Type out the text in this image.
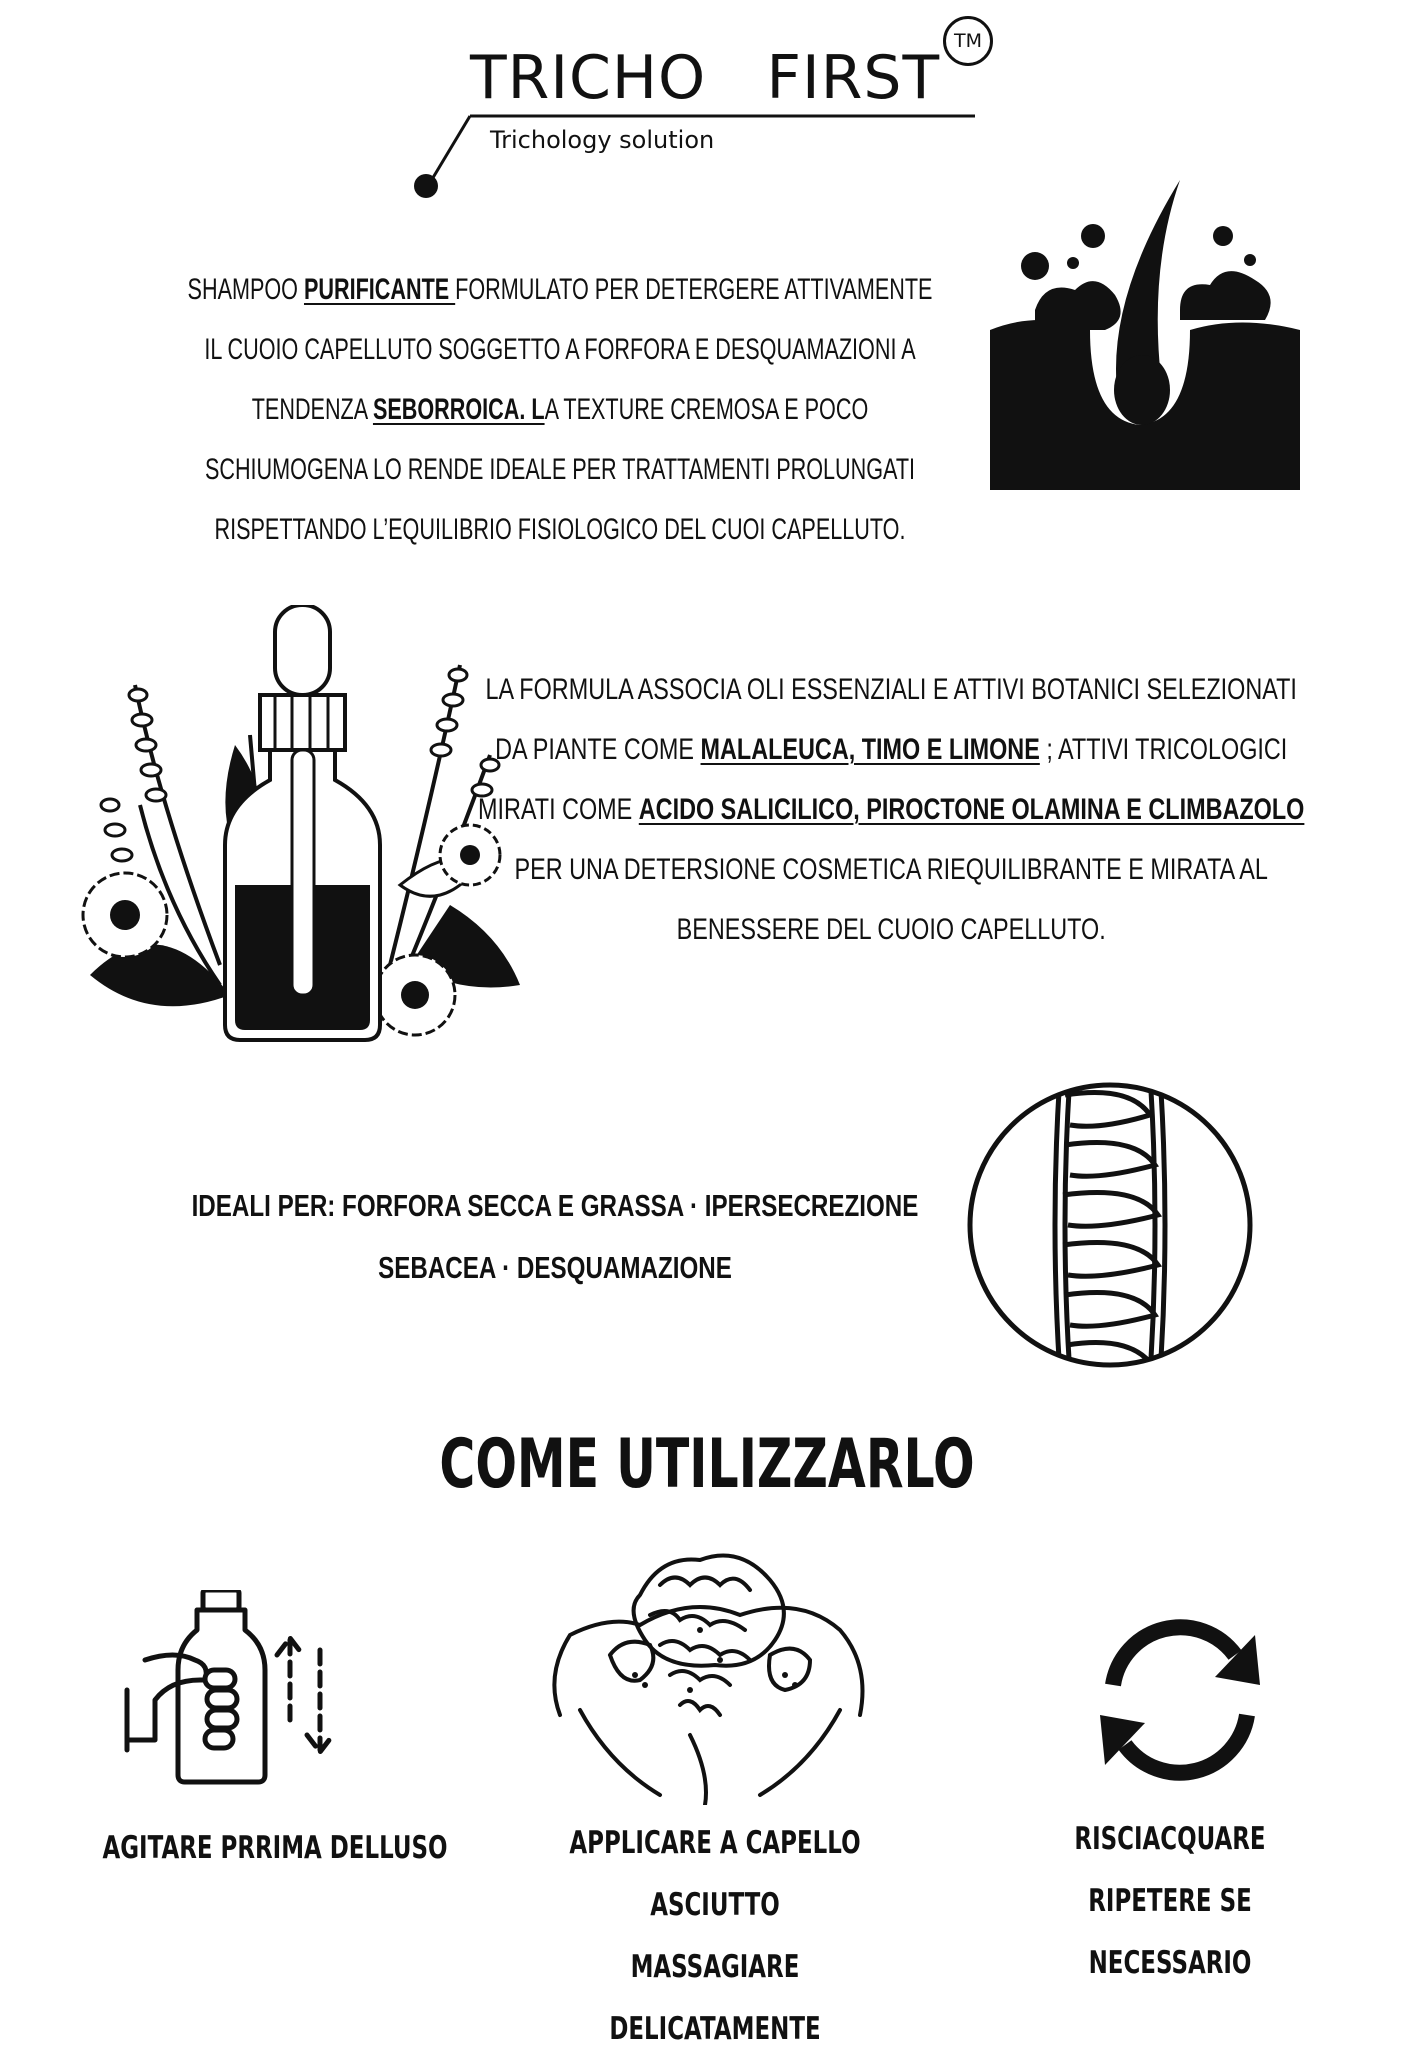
TM
TRICHO   FIRST
Trichology solution
SHAMPOO PURIFICANTE FORMULATO PER DETERGERE ATTIVAMENTE IL CUOIO CAPELLUTO SOGGETTO A FORFORA E DESQUAMAZIONI A TENDENZA SEBORROICA. LA TEXTURE CREMOSA E POCO SCHIUMOGENA LO RENDE IDEALE PER TRATTAMENTI PROLUNGATI RISPETTANDO L’EQUILIBRIO FISIOLOGICO DEL CUOI CAPELLUTO.
LA FORMULA ASSOCIA OLI ESSENZIALI E ATTIVI BOTANICI SELEZIONATI DA PIANTE COME MALALEUCA, TIMO E LIMONE ; ATTIVI TRICOLOGICI MIRATI COME ACIDO SALICILICO, PIROCTONE OLAMINA E CLIMBAZOLO PER UNA DETERSIONE COSMETICA RIEQUILIBRANTE E MIRATA AL BENESSERE DEL CUOIO CAPELLUTO.
IDEALI PER: FORFORA SECCA E GRASSA · IPERSECREZIONE
SEBACEA · DESQUAMAZIONE
COME UTILIZZARLO
AGITARE PRRIMA DELLUSO	APPLICARE A CAPELLO ASCIUTTO
MASSAGIARE DELICATAMENTE
RISCIACQUARE
RIPETERE SE NECESSARIO
